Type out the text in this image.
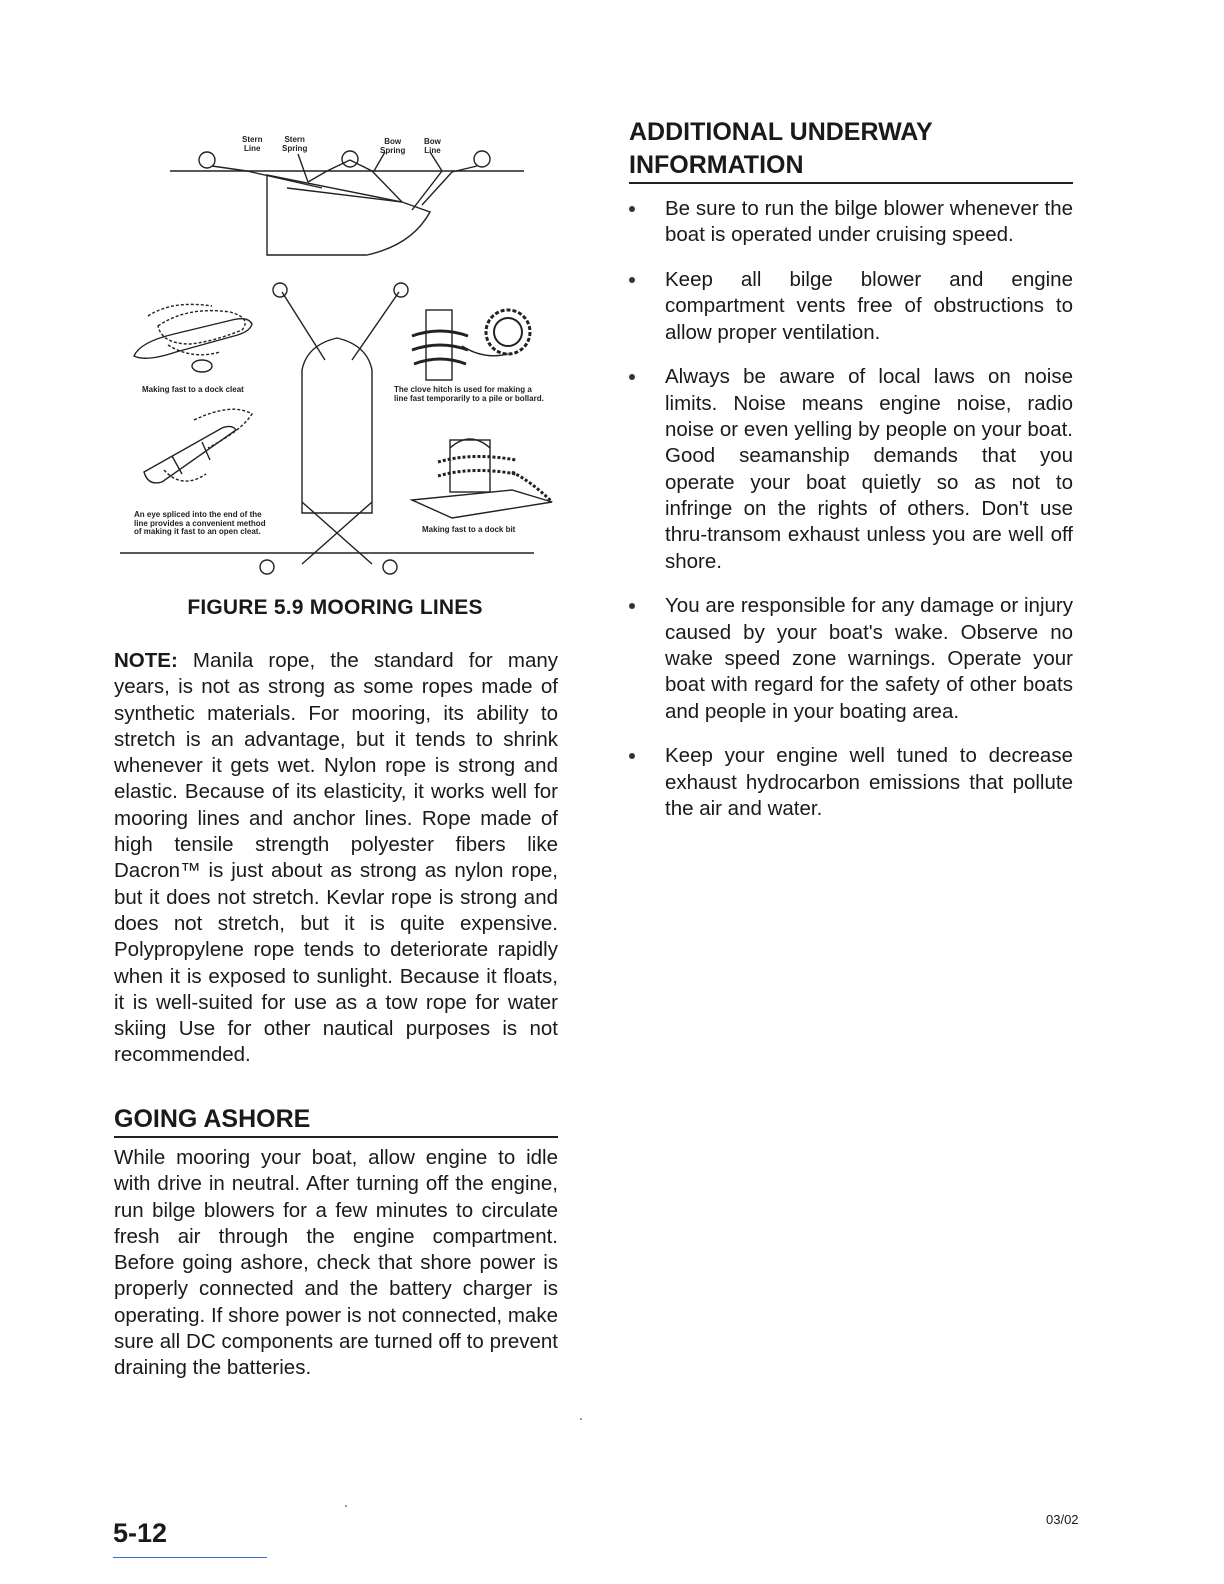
Stern
Line
Stern
Spring
Bow
Spring
Bow
Line
Making fast to a dock cleat	The clove hitch is used for making a line fast temporarily to a pile or bollard.
An eye spliced into the end of the line provides a convenient method of making it fast to an open cleat.	Making fast to a dock bit
FIGURE 5.9 MOORING LINES

NOTE: Manila rope, the standard for many years, is not as strong as some ropes made of synthetic materials. For mooring, its ability to stretch is an advantage, but it tends to shrink whenever it gets wet. Nylon rope is strong and elastic. Because of its elasticity, it works well for mooring lines and anchor lines. Rope made of high tensile strength polyester fibers like Dacron™ is just about as strong as nylon rope, but it does not stretch. Kevlar rope is strong and does not stretch, but it is quite expensive. Polypropylene rope tends to deteriorate rapidly when it is exposed to sunlight. Because it floats, it is well-suited for use as a tow rope for water skiing Use for other nautical purposes is not recommended.

GOING ASHORE

While mooring your boat, allow engine to idle with drive in neutral. After turning off the engine, run bilge blowers for a few minutes to circulate fresh air through the engine compartment. Before going ashore, check that shore power is properly connected and the battery charger is operating. If shore power is not connected, make sure all DC components are turned off to prevent draining the batteries.

ADDITIONAL UNDERWAY INFORMATION
Be sure to run the bilge blower whenever the boat is operated under cruising speed.
Keep all bilge blower and engine compartment vents free of obstructions to allow proper ventilation.
Always be aware of local laws on noise limits. Noise means engine noise, radio noise or even yelling by people on your boat. Good seamanship demands that you operate your boat quietly so as not to infringe on the rights of others. Don't use thru-transom exhaust unless you are well off shore.
You are responsible for any damage or injury caused by your boat's wake. Observe no wake speed zone warnings. Operate your boat with regard for the safety of other boats and people in your boating area.
Keep your engine well tuned to decrease exhaust hydrocarbon emissions that pollute the air and water.
5-12	03/02
